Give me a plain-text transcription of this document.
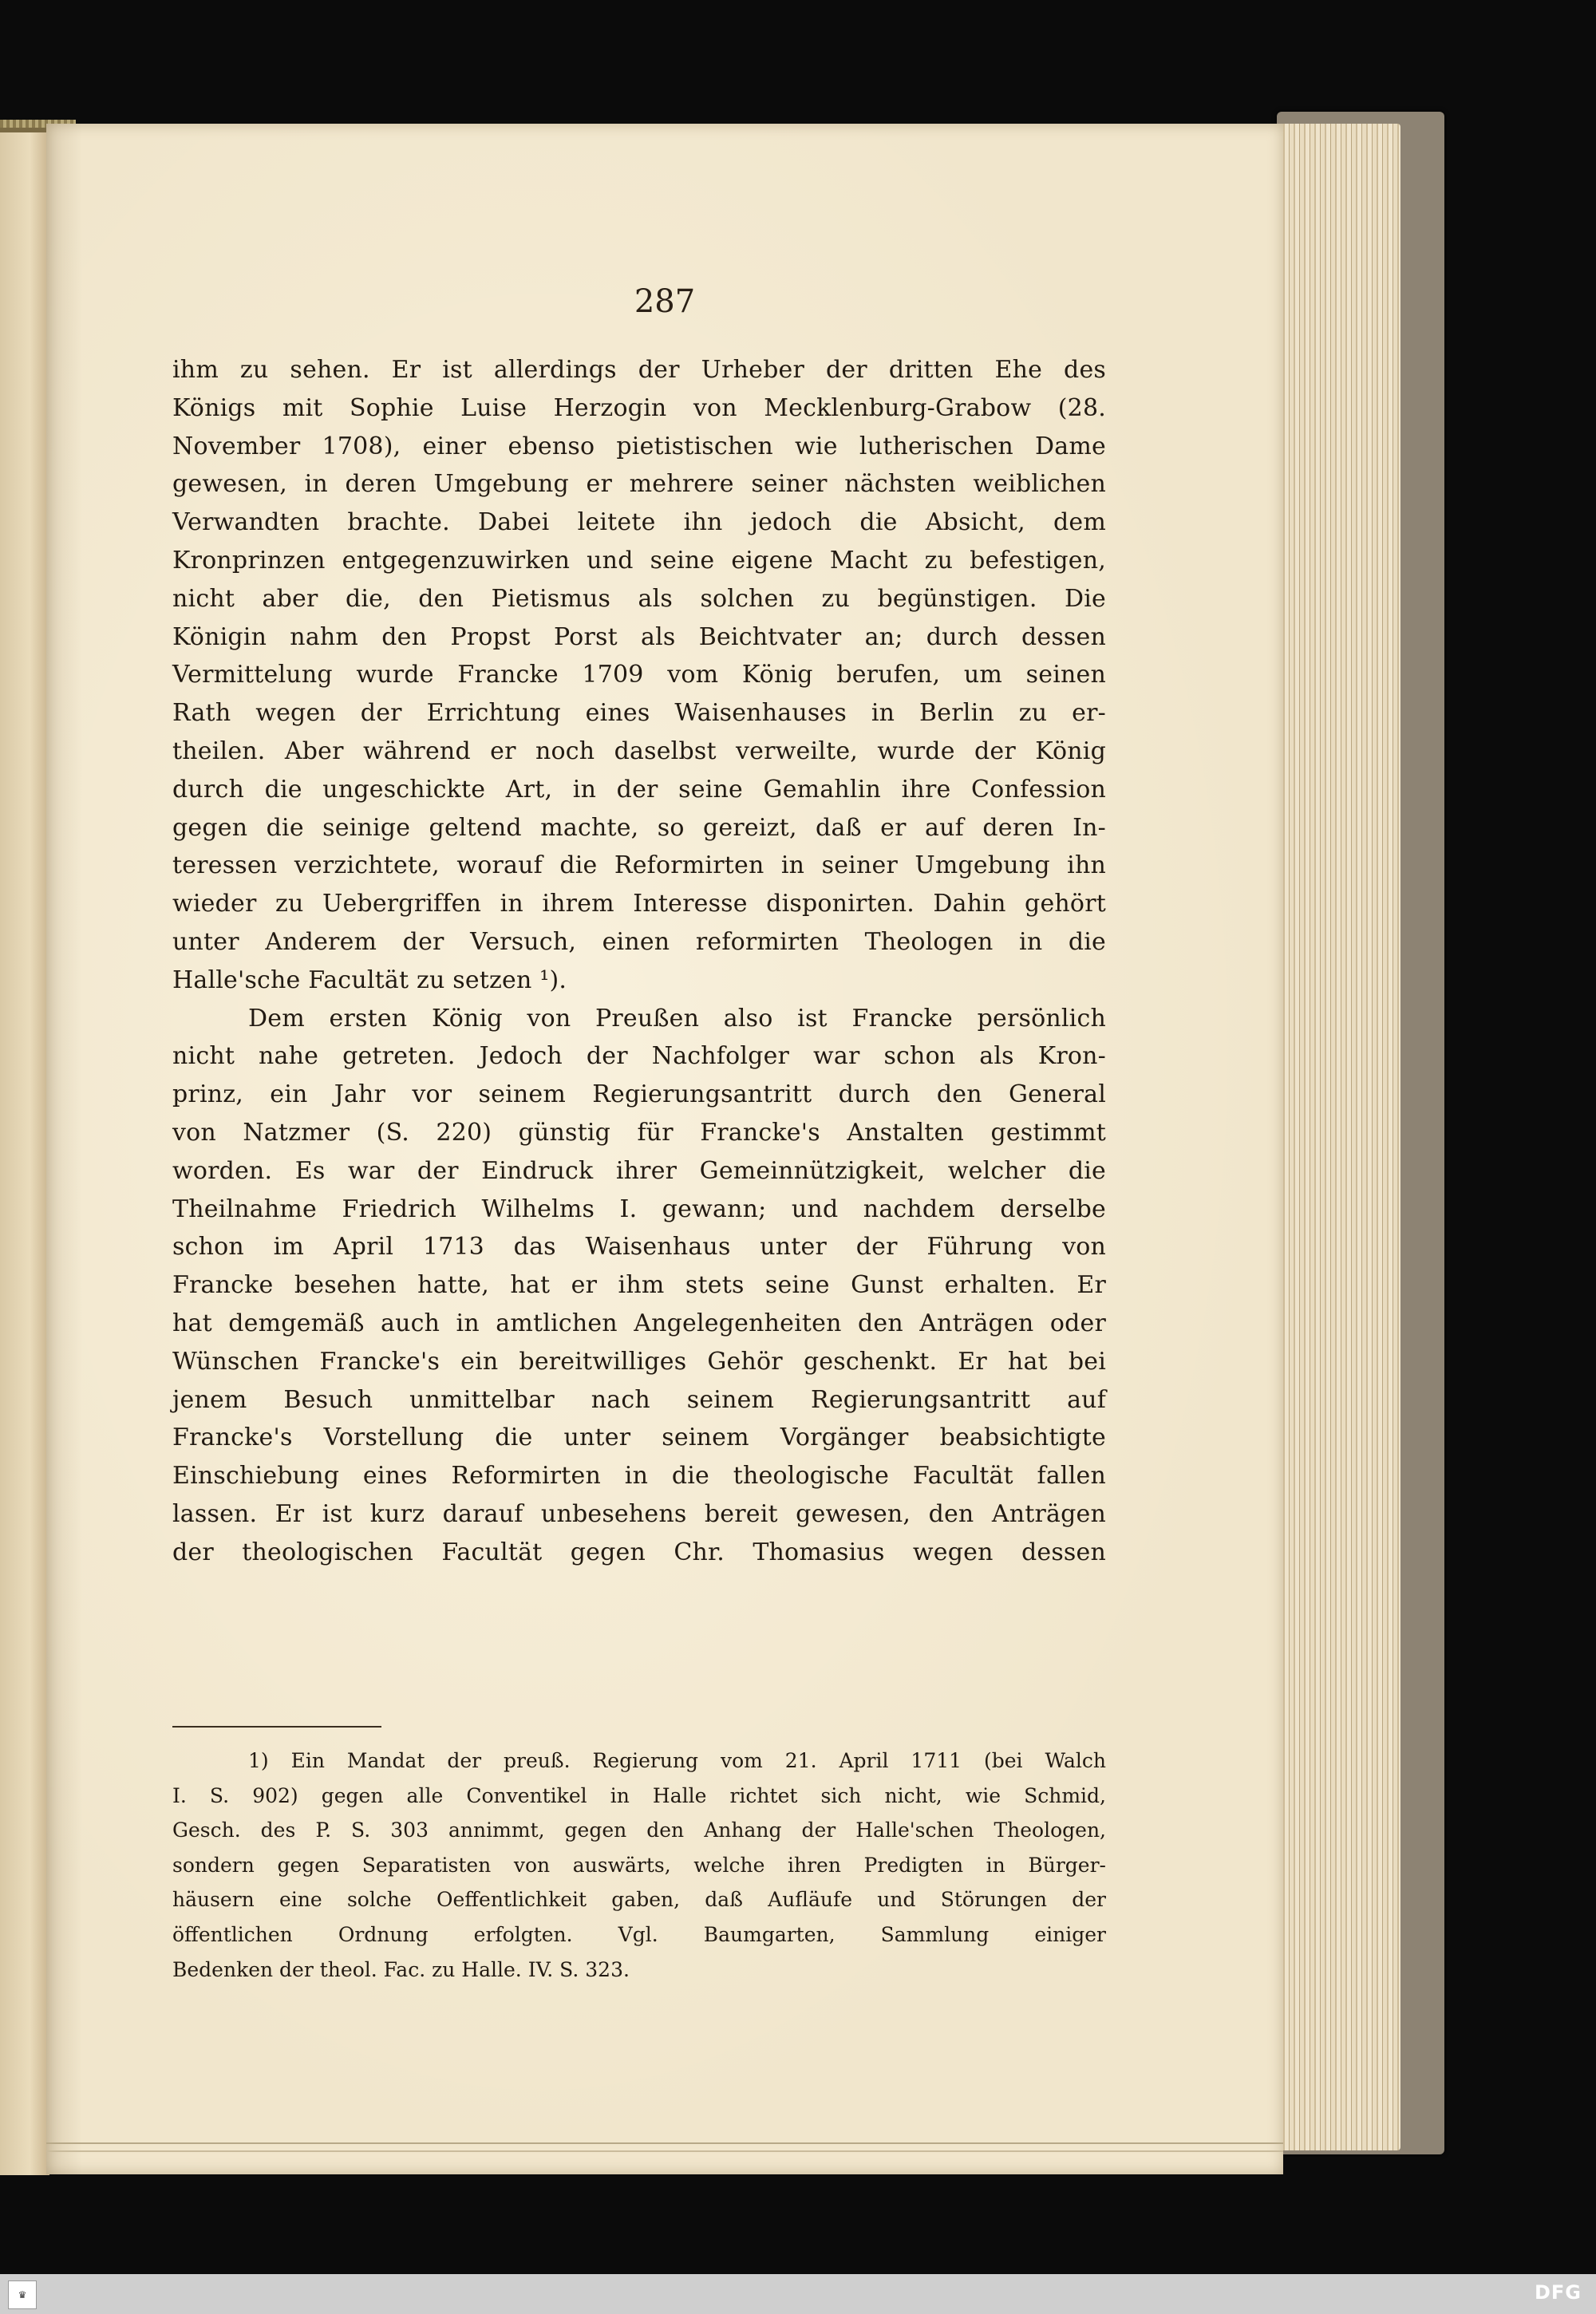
287
ihm zu sehen. Er ist allerdings der Urheber der dritten Ehe des
Königs mit Sophie Luise Herzogin von Mecklenburg-Grabow (28.
November 1708), einer ebenso pietistischen wie lutherischen Dame
gewesen, in deren Umgebung er mehrere seiner nächsten weiblichen
Verwandten brachte. Dabei leitete ihn jedoch die Absicht, dem
Kronprinzen entgegenzuwirken und seine eigene Macht zu befestigen,
nicht aber die, den Pietismus als solchen zu begünstigen. Die
Königin nahm den Propst Porst als Beichtvater an; durch dessen
Vermittelung wurde Francke 1709 vom König berufen, um seinen
Rath wegen der Errichtung eines Waisenhauses in Berlin zu er-
theilen. Aber während er noch daselbst verweilte, wurde der König
durch die ungeschickte Art, in der seine Gemahlin ihre Confession
gegen die seinige geltend machte, so gereizt, daß er auf deren In-
teressen verzichtete, worauf die Reformirten in seiner Umgebung ihn
wieder zu Uebergriffen in ihrem Interesse disponirten. Dahin gehört
unter Anderem der Versuch, einen reformirten Theologen in die
Halle'sche Facultät zu setzen ¹).
Dem ersten König von Preußen also ist Francke persönlich
nicht nahe getreten. Jedoch der Nachfolger war schon als Kron-
prinz, ein Jahr vor seinem Regierungsantritt durch den General
von Natzmer (S. 220) günstig für Francke's Anstalten gestimmt
worden. Es war der Eindruck ihrer Gemeinnützigkeit, welcher die
Theilnahme Friedrich Wilhelms I. gewann; und nachdem derselbe
schon im April 1713 das Waisenhaus unter der Führung von
Francke besehen hatte, hat er ihm stets seine Gunst erhalten. Er
hat demgemäß auch in amtlichen Angelegenheiten den Anträgen oder
Wünschen Francke's ein bereitwilliges Gehör geschenkt. Er hat bei
jenem Besuch unmittelbar nach seinem Regierungsantritt auf
Francke's Vorstellung die unter seinem Vorgänger beabsichtigte
Einschiebung eines Reformirten in die theologische Facultät fallen
lassen. Er ist kurz darauf unbesehens bereit gewesen, den Anträgen
der theologischen Facultät gegen Chr. Thomasius wegen dessen
1) Ein Mandat der preuß. Regierung vom 21. April 1711 (bei Walch
I. S. 902) gegen alle Conventikel in Halle richtet sich nicht, wie Schmid,
Gesch. des P. S. 303 annimmt, gegen den Anhang der Halle'schen Theologen,
sondern gegen Separatisten von auswärts, welche ihren Predigten in Bürger-
häusern eine solche Oeffentlichkeit gaben, daß Aufläufe und Störungen der
öffentlichen Ordnung erfolgten. Vgl. Baumgarten, Sammlung einiger
Bedenken der theol. Fac. zu Halle. IV. S. 323.
♛	DFG
